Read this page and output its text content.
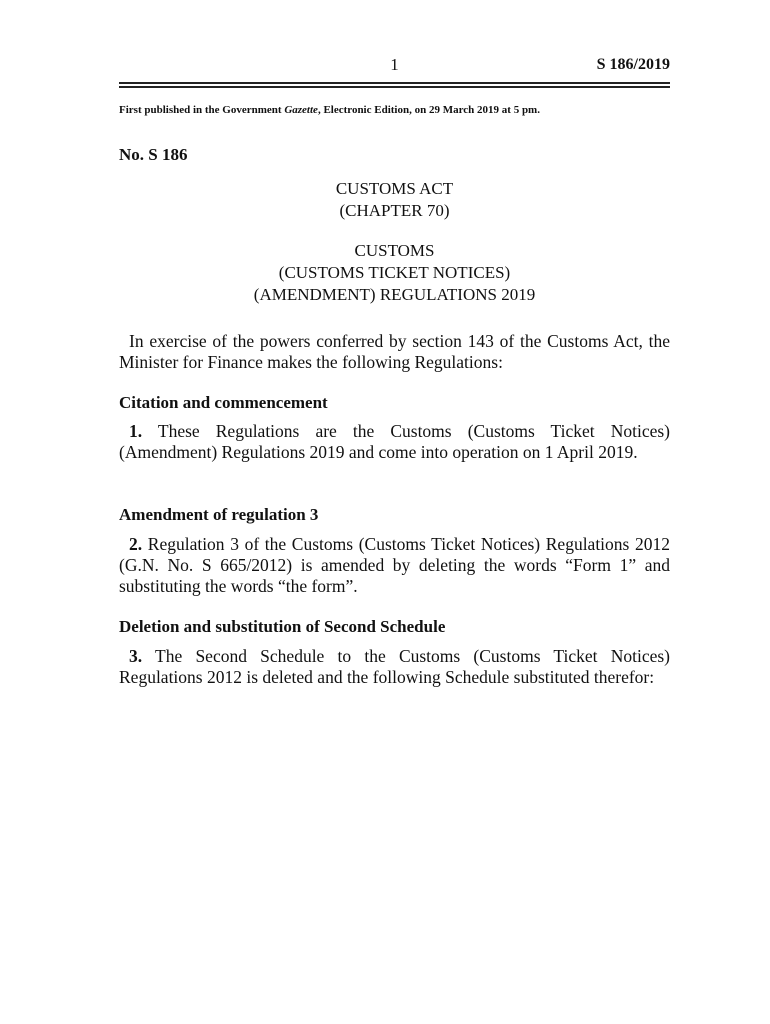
1	S 186/2019
First published in the Government Gazette, Electronic Edition, on 29 March 2019 at 5 pm.
No. S 186
CUSTOMS ACT
(CHAPTER 70)
CUSTOMS
(CUSTOMS TICKET NOTICES)
(AMENDMENT) REGULATIONS 2019
In exercise of the powers conferred by section 143 of the Customs Act, the Minister for Finance makes the following Regulations:
Citation and commencement
1. These Regulations are the Customs (Customs Ticket Notices) (Amendment) Regulations 2019 and come into operation on 1 April 2019.
Amendment of regulation 3
2. Regulation 3 of the Customs (Customs Ticket Notices) Regulations 2012 (G.N. No. S 665/2012) is amended by deleting the words “Form 1” and substituting the words “the form”.
Deletion and substitution of Second Schedule
3. The Second Schedule to the Customs (Customs Ticket Notices) Regulations 2012 is deleted and the following Schedule substituted therefor:
